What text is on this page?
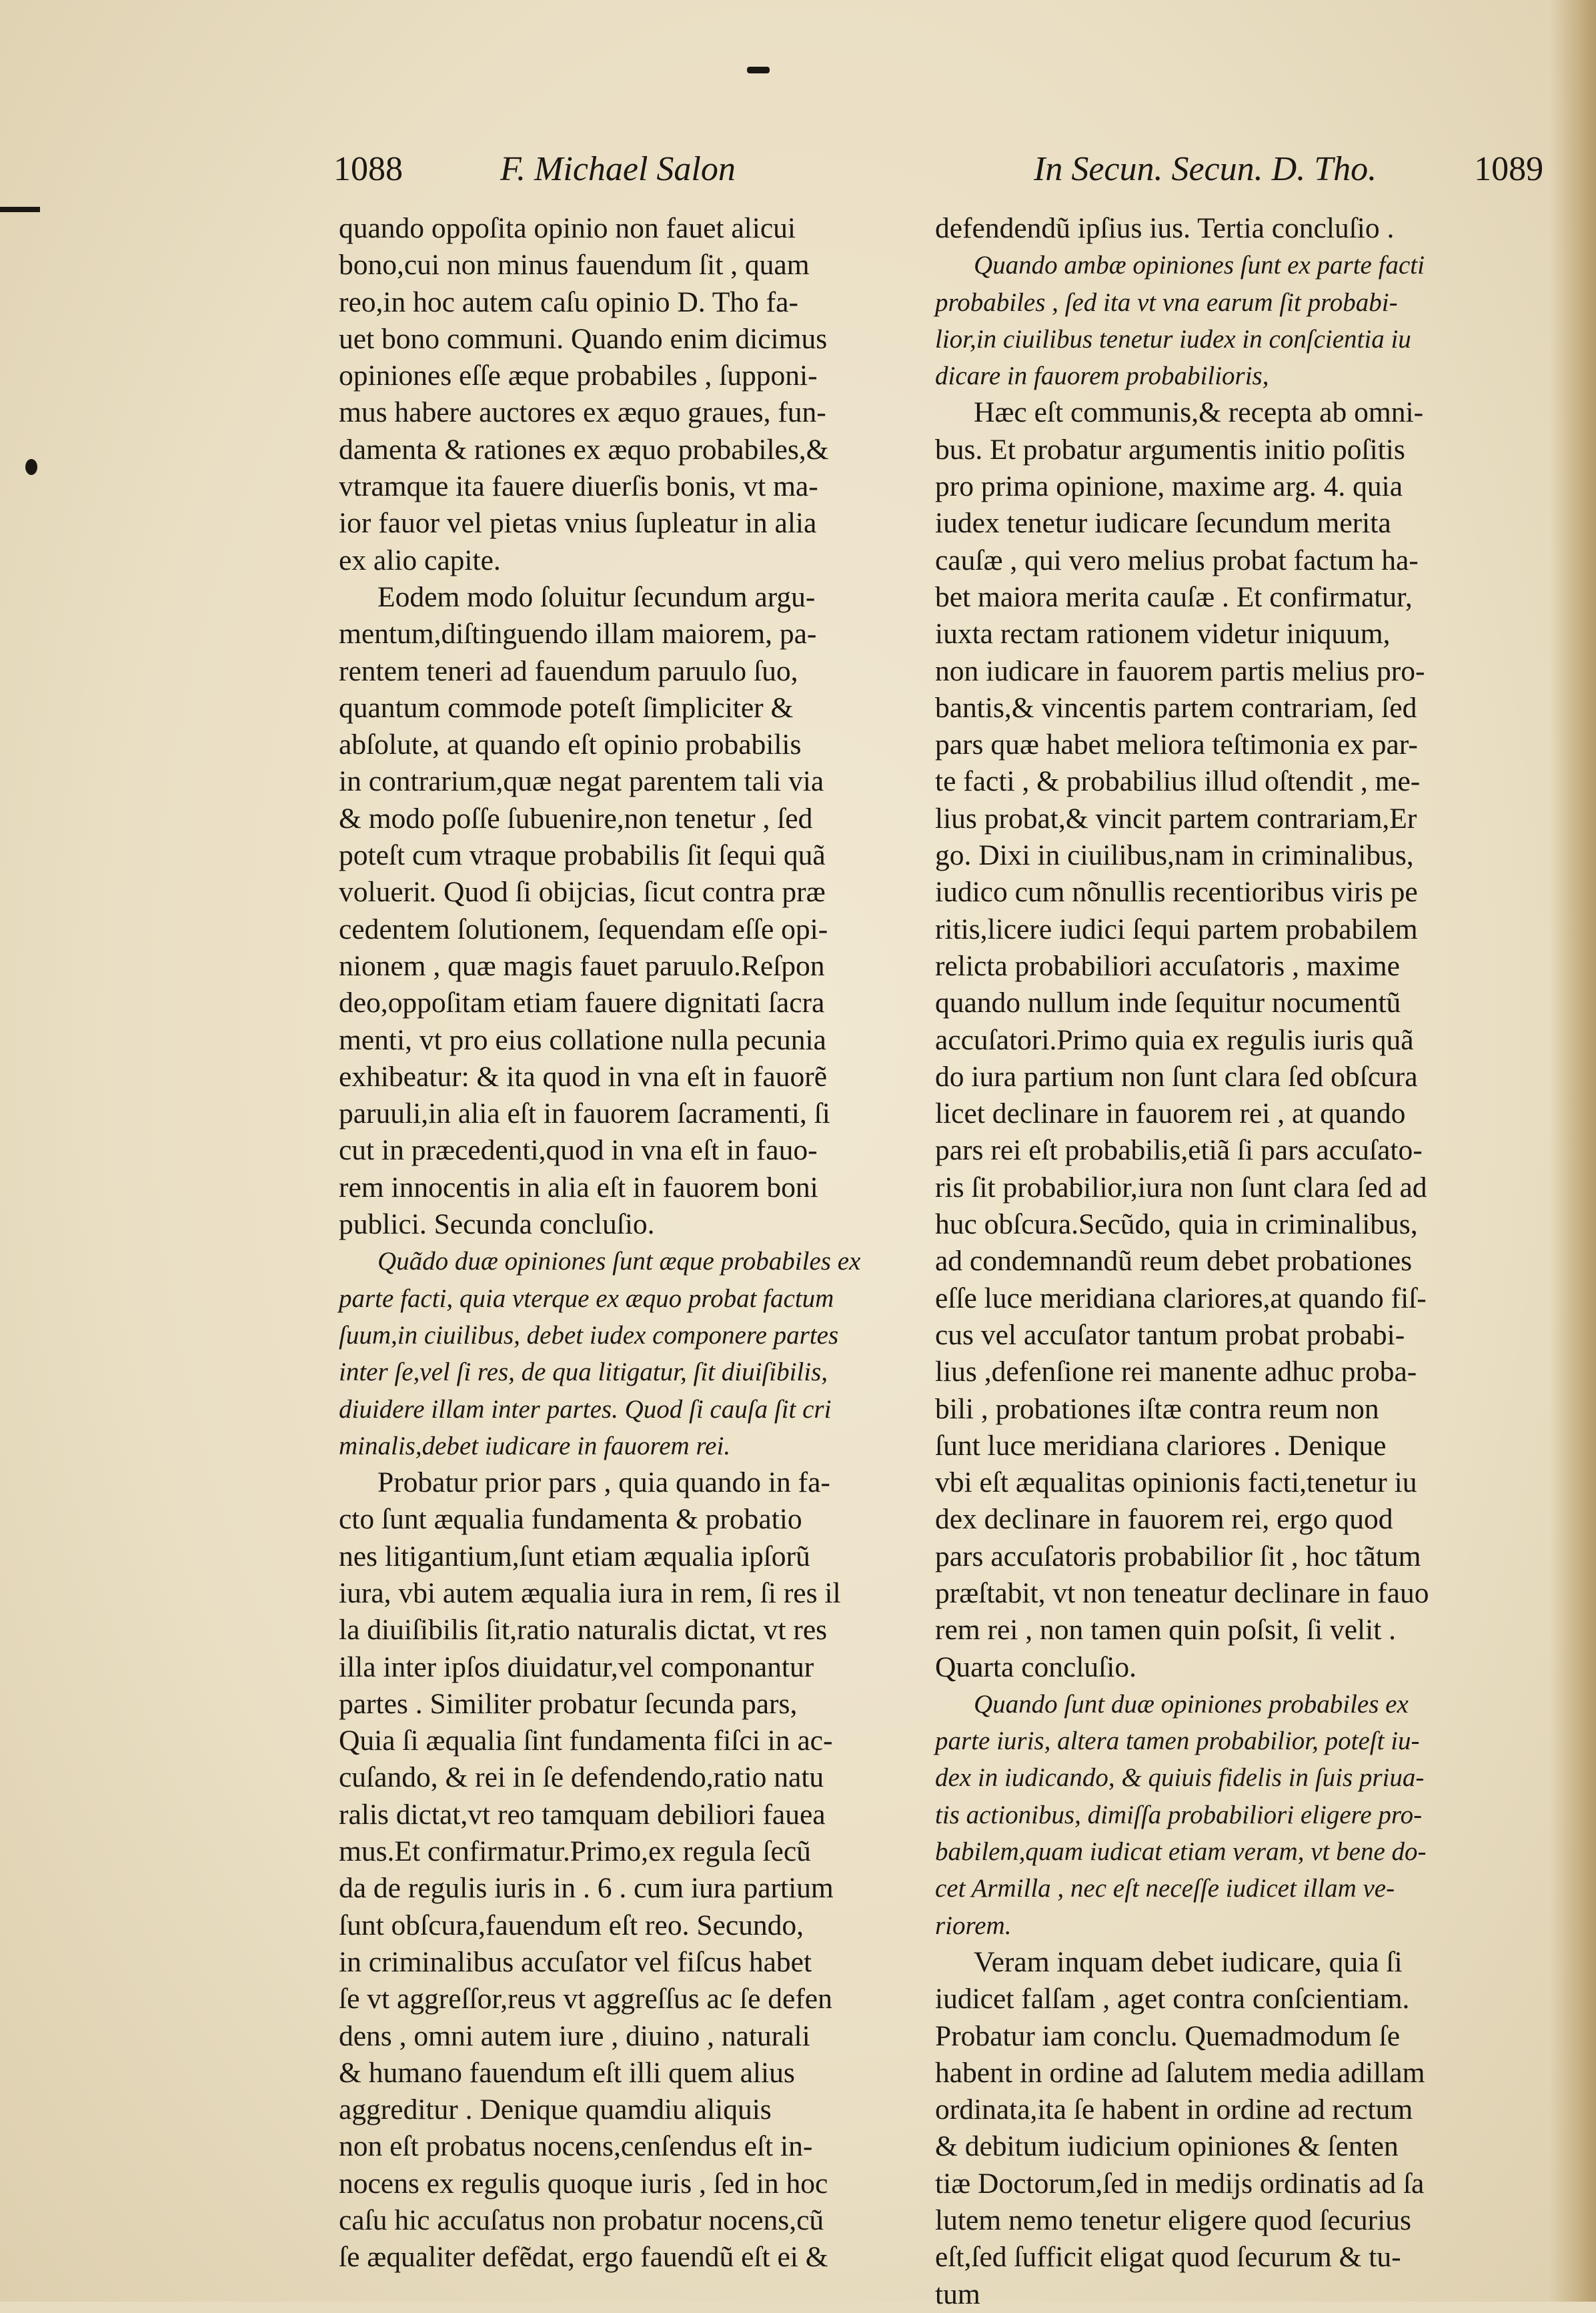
1088	F. Michael Salon	In Secun. Secun. D. Tho.	1089
quando oppoſita opinio non fauet alicui
bono,cui non minus fauendum ſit , quam
reo,in hoc autem caſu opinio D. Tho fa-
uet bono communi. Quando enim dicimus
opiniones eſſe æque probabiles , ſupponi-
mus habere auctores ex æquo graues, fun-
damenta & rationes ex æquo probabiles,&
vtramque ita fauere diuerſis bonis, vt ma-
ior fauor vel pietas vnius ſupleatur in alia
ex alio capite.
Eodem modo ſoluitur ſecundum argu-
mentum,diſtinguendo illam maiorem, pa-
rentem teneri ad fauendum paruulo ſuo,
quantum commode poteſt ſimpliciter &
abſolute, at quando eſt opinio probabilis
in contrarium,quæ negat parentem tali via
& modo poſſe ſubuenire,non tenetur , ſed
poteſt cum vtraque probabilis ſit ſequi quã
voluerit. Quod ſi obijcias, ſicut contra præ
cedentem ſolutionem, ſequendam eſſe opi-
nionem , quæ magis fauet paruulo.Reſpon
deo,oppoſitam etiam fauere dignitati ſacra
menti, vt pro eius collatione nulla pecunia
exhibeatur: & ita quod in vna eſt in fauorẽ
paruuli,in alia eſt in fauorem ſacramenti, ſi
cut in præcedenti,quod in vna eſt in fauo-
rem innocentis in alia eſt in fauorem boni
publici. Secunda concluſio.
Quãdo duæ opiniones ſunt æque probabiles ex
parte facti, quia vterque ex æquo probat factum
ſuum,in ciuilibus, debet iudex componere partes
inter ſe,vel ſi res, de qua litigatur, ſit diuiſibilis,
diuidere illam inter partes. Quod ſi cauſa ſit cri
minalis,debet iudicare in fauorem rei.
Probatur prior pars , quia quando in fa-
cto ſunt æqualia fundamenta & probatio
nes litigantium,ſunt etiam æqualia ipſorũ
iura, vbi autem æqualia iura in rem, ſi res il
la diuiſibilis ſit,ratio naturalis dictat, vt res
illa inter ipſos diuidatur,vel componantur
partes . Similiter probatur ſecunda pars,
Quia ſi æqualia ſint fundamenta fiſci in ac-
cuſando, & rei in ſe defendendo,ratio natu
ralis dictat,vt reo tamquam debiliori fauea
mus.Et confirmatur.Primo,ex regula ſecũ
da de regulis iuris in . 6 . cum iura partium
ſunt obſcura,fauendum eſt reo. Secundo,
in criminalibus accuſator vel fiſcus habet
ſe vt aggreſſor,reus vt aggreſſus ac ſe defen
dens , omni autem iure , diuino , naturali
& humano fauendum eſt illi quem alius
aggreditur . Denique quamdiu aliquis
non eſt probatus nocens,cenſendus eſt in-
nocens ex regulis quoque iuris , ſed in hoc
caſu hic accuſatus non probatur nocens,cũ
ſe æqualiter defẽdat, ergo fauendũ eſt ei &
defendendũ ipſius ius. Tertia concluſio .
Quando ambæ opiniones ſunt ex parte facti
probabiles , ſed ita vt vna earum ſit probabi-
lior,in ciuilibus tenetur iudex in conſcientia iu
dicare in fauorem probabilioris,
Hæc eſt communis,& recepta ab omni-
bus. Et probatur argumentis initio poſitis
pro prima opinione, maxime arg. 4. quia
iudex tenetur iudicare ſecundum merita
cauſæ , qui vero melius probat factum ha-
bet maiora merita cauſæ . Et confirmatur,
iuxta rectam rationem videtur iniquum,
non iudicare in fauorem partis melius pro-
bantis,& vincentis partem contrariam, ſed
pars quæ habet meliora teſtimonia ex par-
te facti , & probabilius illud oſtendit , me-
lius probat,& vincit partem contrariam,Er
go. Dixi in ciuilibus,nam in criminalibus,
iudico cum nõnullis recentioribus viris pe
ritis,licere iudici ſequi partem probabilem
relicta probabiliori accuſatoris , maxime
quando nullum inde ſequitur nocumentũ
accuſatori.Primo quia ex regulis iuris quã
do iura partium non ſunt clara ſed obſcura
licet declinare in fauorem rei , at quando
pars rei eſt probabilis,etiã ſi pars accuſato-
ris ſit probabilior,iura non ſunt clara ſed ad
huc obſcura.Secũdo, quia in criminalibus,
ad condemnandũ reum debet probationes
eſſe luce meridiana clariores,at quando fiſ-
cus vel accuſator tantum probat probabi-
lius ,defenſione rei manente adhuc proba-
bili , probationes iſtæ contra reum non
ſunt luce meridiana clariores . Denique
vbi eſt æqualitas opinionis facti,tenetur iu
dex declinare in fauorem rei, ergo quod
pars accuſatoris probabilior ſit , hoc tãtum
præſtabit, vt non teneatur declinare in fauo
rem rei , non tamen quin poſsit, ſi velit .
Quarta concluſio.
Quando ſunt duæ opiniones probabiles ex
parte iuris, altera tamen probabilior, poteſt iu-
dex in iudicando, & quiuis fidelis in ſuis priua-
tis actionibus, dimiſſa probabiliori eligere pro-
babilem,quam iudicat etiam veram, vt bene do-
cet Armilla , nec eſt neceſſe iudicet illam ve-
riorem.
Veram inquam debet iudicare, quia ſi
iudicet falſam , aget contra conſcientiam.
Probatur iam conclu. Quemadmodum ſe
habent in ordine ad ſalutem media adillam
ordinata,ita ſe habent in ordine ad rectum
& debitum iudicium opiniones & ſenten
tiæ Doctorum,ſed in medijs ordinatis ad ſa
lutem nemo tenetur eligere quod ſecurius
eſt,ſed ſufficit eligat quod ſecurum & tu-
tum
